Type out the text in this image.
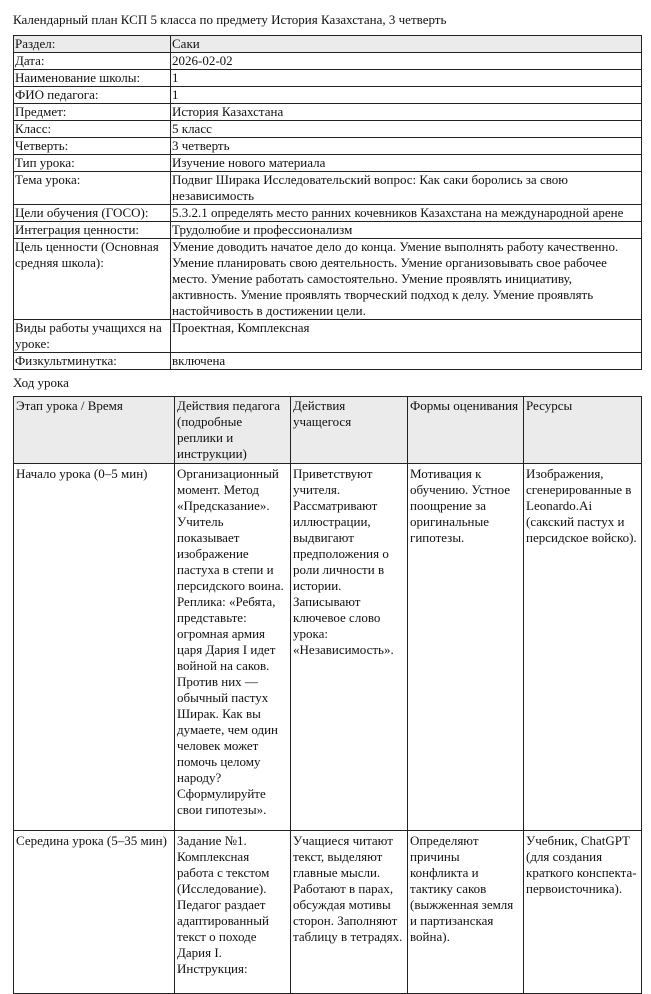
Календарный план КСП 5 класса по предмету История Казахстана, 3 четверть
Раздел:	Саки
Дата:	2026-02-02
Наименование школы:	1
ФИО педагога:	1
Предмет:	История Казахстана
Класс:	5 класс
Четверть:	3 четверть
Тип урока:	Изучение нового материала
Тема урока:	Подвиг Ширака Исследовательский вопрос: Как саки боролись за свою независимость
Цели обучения (ГОСО):	5.3.2.1 определять место ранних кочевников Казахстана на международной арене
Интеграция ценности:	Трудолюбие и профессионализм
Цель ценности (Основная средняя школа):	Умение доводить начатое дело до конца. Умение выполнять работу качественно. Умение планировать свою деятельность. Умение организовывать свое рабочее место. Умение работать самостоятельно. Умение проявлять инициативу, активность. Умение проявлять творческий подход к делу. Умение проявлять настойчивость в достижении цели.
Виды работы учащихся на уроке:	Проектная, Комплексная
Физкультминутка:	включена
Ход урока
Этап урока / Время	Действия педагога (подробные реплики и инструкции)	Действия учащегося	Формы оценивания	Ресурсы
Начало урока (0–5 мин)	Организационный момент. Метод «Предсказание». Учитель показывает изображение пастуха в степи и персидского воина. Реплика: «Ребята, представьте: огромная армия царя Дария I идет войной на саков. Против них — обычный пастух Ширак. Как вы думаете, чем один человек может помочь целому народу? Сформулируйте свои гипотезы».	Приветствуют учителя. Рассматривают иллюстрации, выдвигают предположения о роли личности в истории. Записывают ключевое слово урока: «Независимость».	Мотивация к обучению. Устное поощрение за оригинальные гипотезы.	Изображения, сгенерированные в Leonardo.Ai (сакский пастух и персидское войско).
Середина урока (5–35 мин)	Задание №1. Комплексная работа с текстом (Исследование). Педагог раздает адаптированный текст о походе Дария I. Инструкция:	Учащиеся читают текст, выделяют главные мысли. Работают в парах, обсуждая мотивы сторон. Заполняют таблицу в тетрадях.	Определяют причины конфликта и тактику саков (выжженная земля и партизанская война).	Учебник, ChatGPT (для создания краткого конспекта-первоисточника).
